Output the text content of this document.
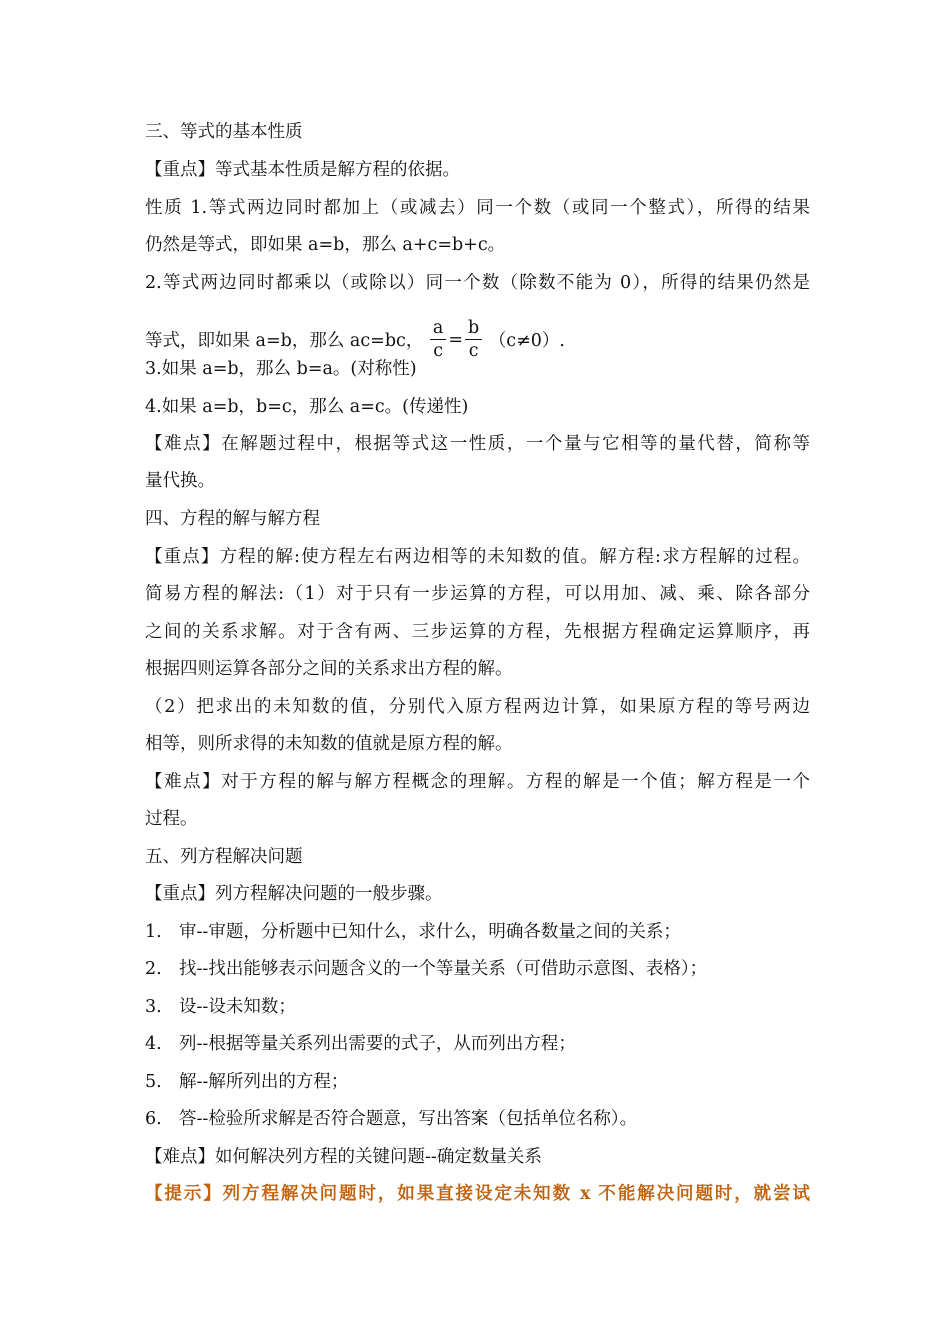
三、等式的基本性质
【重点】等式基本性质是解方程的依据。
性质 1.等式两边同时都加上（或减去）同一个数（或同一个整式），所得的结果
仍然是等式，即如果 a=b，那么 a+c=b+c。
2.等式两边同时都乘以（或除以）同一个数（除数不能为 0），所得的结果仍然是
等式，即如果 a=b，那么 ac=bc， $\frac{a}{c} = \frac{b}{c} (c\ne 0)$.
3.如果 a=b，那么 b=a。(对称性)
4.如果 a=b，b=c，那么 a=c。(传递性)
【难点】在解题过程中，根据等式这一性质，一个量与它相等的量代替，简称等
量代换。
四、方程的解与解方程
【重点】方程的解:使方程左右两边相等的未知数的值。解方程:求方程解的过程。
简易方程的解法:（1）对于只有一步运算的方程，可以用加、减、乘、除各部分
之间的关系求解。对于含有两、三步运算的方程，先根据方程确定运算顺序，再
根据四则运算各部分之间的关系求出方程的解。
（2）把求出的未知数的值，分别代入原方程两边计算，如果原方程的等号两边
相等，则所求得的未知数的值就是原方程的解。
【难点】对于方程的解与解方程概念的理解。方程的解是一个值；解方程是一个
过程。
五、列方程解决问题
【重点】列方程解决问题的一般步骤。
1. 审--审题，分析题中已知什么，求什么，明确各数量之间的关系；
2. 找--找出能够表示问题含义的一个等量关系（可借助示意图、表格）；
3. 设--设未知数；
4. 列--根据等量关系列出需要的式子，从而列出方程；
5. 解--解所列出的方程；
6. 答--检验所求解是否符合题意，写出答案（包括单位名称）。
【难点】如何解决列方程的关键问题--确定数量关系
【提示】列方程解决问题时，如果直接设定未知数 x 不能解决问题时，就尝试
